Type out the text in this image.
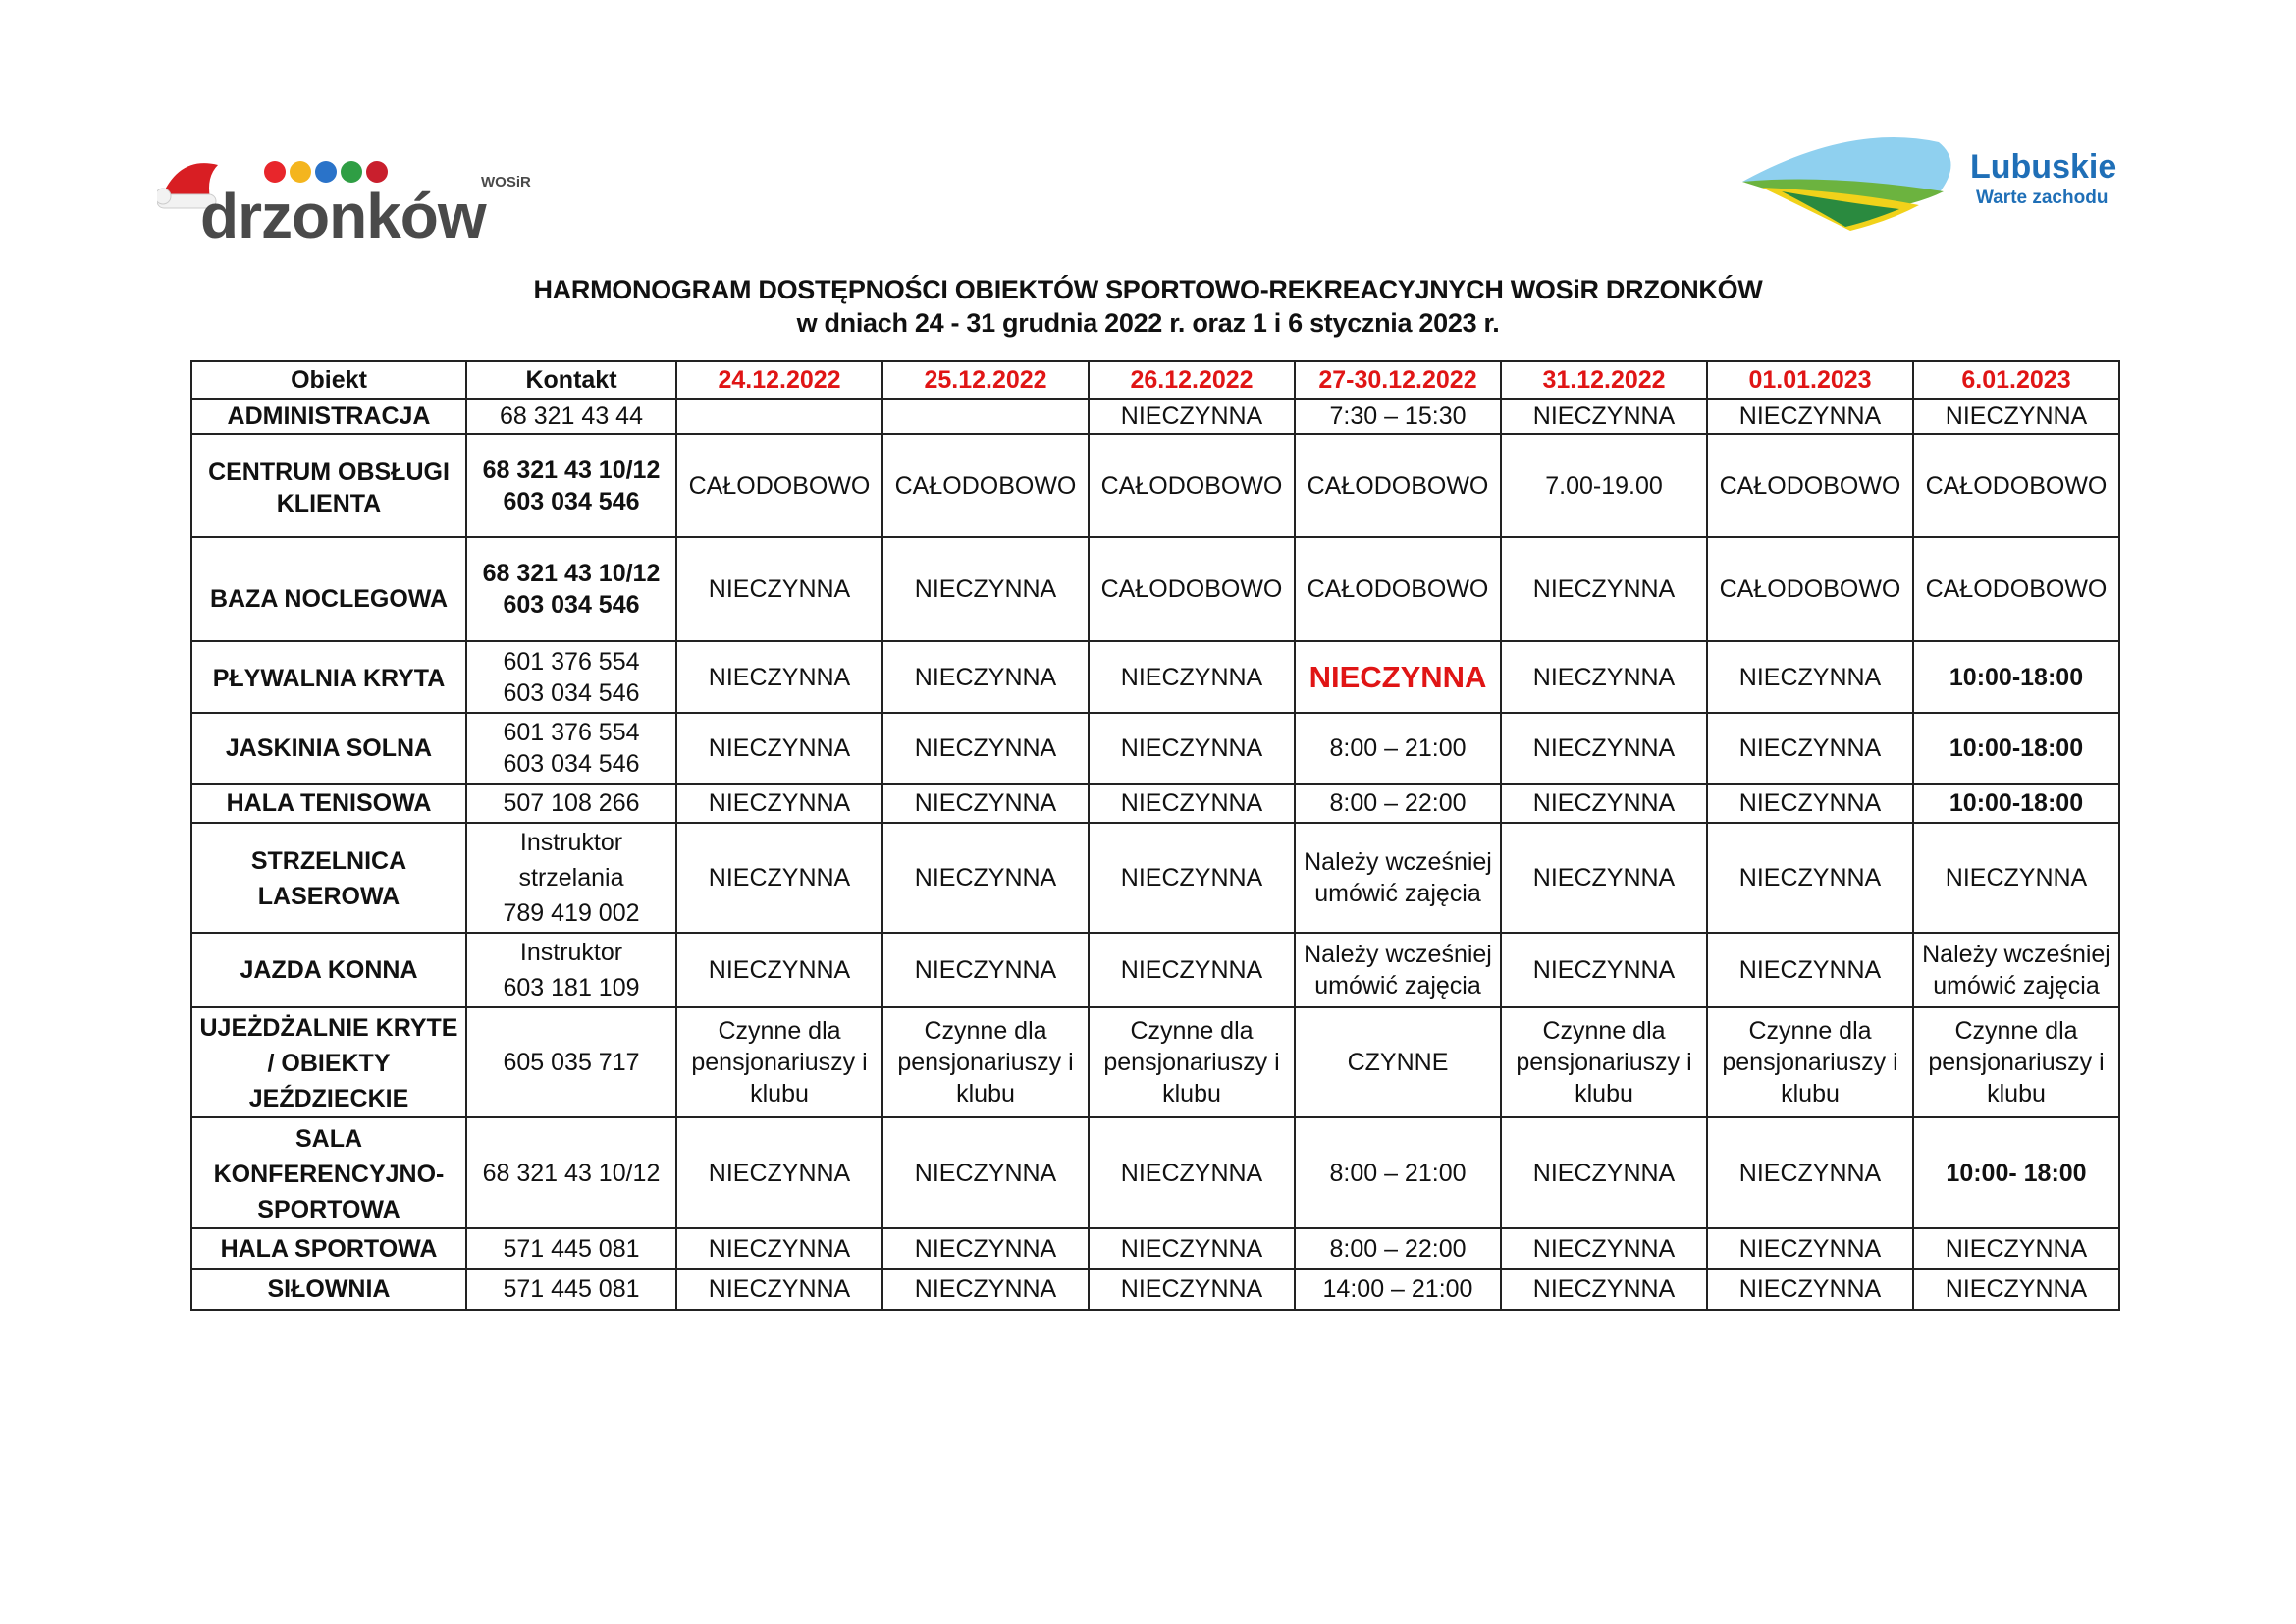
drzonków
WOSiR	Lubuskie
Warte zachodu
HARMONOGRAM DOSTĘPNOŚCI OBIEKTÓW SPORTOWO-REKREACYJNYCH WOSiR DRZONKÓW
w dniach 24 - 31 grudnia 2022 r. oraz 1 i 6 stycznia 2023 r.
Obiekt	Kontakt	24.12.2022	25.12.2022	26.12.2022	27-30.12.2022	31.12.2022	01.01.2023	6.01.2023
ADMINISTRACJA	68 321 43 44			NIECZYNNA	7:30 – 15:30	NIECZYNNA	NIECZYNNA	NIECZYNNA

CENTRUM OBSŁUGI
KLIENTA	68 321 43 10/12
603 034 546	CAŁODOBOWO	CAŁODOBOWO	CAŁODOBOWO	CAŁODOBOWO	7.00-19.00	CAŁODOBOWO	CAŁODOBOWO
BAZA NOCLEGOWA	68 321 43 10/12
603 034 546	NIECZYNNA	NIECZYNNA	CAŁODOBOWO	CAŁODOBOWO	NIECZYNNA	CAŁODOBOWO	CAŁODOBOWO
PŁYWALNIA KRYTA	601 376 554
603 034 546	NIECZYNNA	NIECZYNNA	NIECZYNNA	NIECZYNNA	NIECZYNNA	NIECZYNNA	10:00-18:00
JASKINIA SOLNA	601 376 554
603 034 546	NIECZYNNA	NIECZYNNA	NIECZYNNA	8:00 – 21:00	NIECZYNNA	NIECZYNNA	10:00-18:00
HALA TENISOWA	507 108 266	NIECZYNNA	NIECZYNNA	NIECZYNNA	8:00 – 22:00	NIECZYNNA	NIECZYNNA	10:00-18:00

STRZELNICA
LASEROWA	Instruktor
strzelania
789 419 002	NIECZYNNA	NIECZYNNA	NIECZYNNA	Należy wcześniej
umówić zajęcia	NIECZYNNA	NIECZYNNA	NIECZYNNA
JAZDA KONNA	Instruktor
603 181 109	NIECZYNNA	NIECZYNNA	NIECZYNNA	Należy wcześniej
umówić zajęcia	NIECZYNNA	NIECZYNNA	Należy wcześniej
umówić zajęcia

UJEŻDŻALNIE KRYTE
/ OBIEKTY
JEŹDZIECKIE	605 035 717	Czynne dla
pensjonariuszy i
klubu	Czynne dla
pensjonariuszy i
klubu	Czynne dla
pensjonariuszy i
klubu	CZYNNE	Czynne dla
pensjonariuszy i
klubu	Czynne dla
pensjonariuszy i
klubu	Czynne dla
pensjonariuszy i
klubu

SALA
KONFERENCYJNO-
SPORTOWA	68 321 43 10/12	NIECZYNNA	NIECZYNNA	NIECZYNNA	8:00 – 21:00	NIECZYNNA	NIECZYNNA	10:00- 18:00
HALA SPORTOWA	571 445 081	NIECZYNNA	NIECZYNNA	NIECZYNNA	8:00 – 22:00	NIECZYNNA	NIECZYNNA	NIECZYNNA
SIŁOWNIA	571 445 081	NIECZYNNA	NIECZYNNA	NIECZYNNA	14:00 – 21:00	NIECZYNNA	NIECZYNNA	NIECZYNNA
